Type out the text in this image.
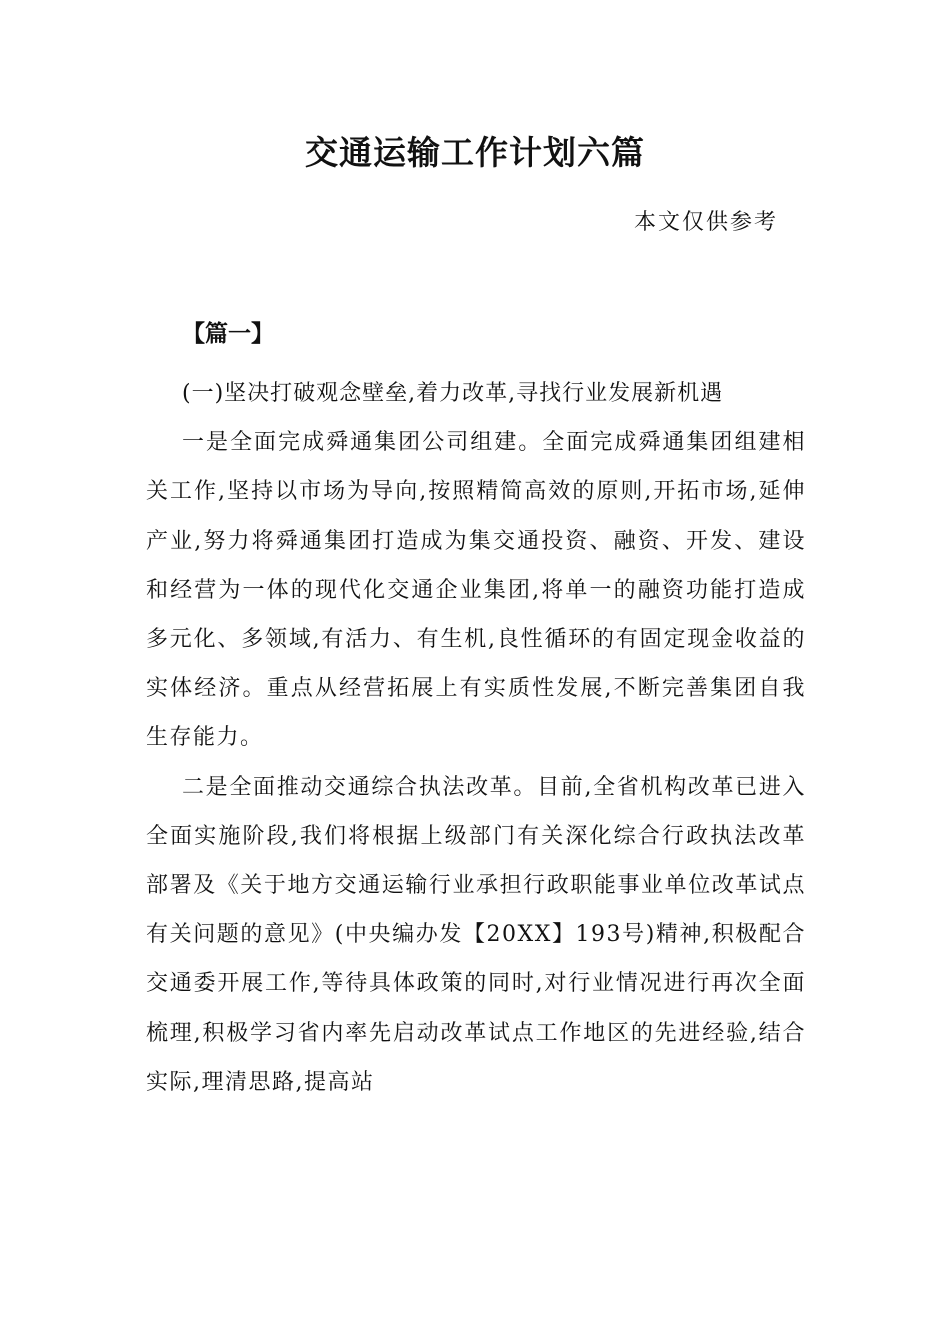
交通运输工作计划六篇
本文仅供参考
【篇一】

(一)坚决打破观念壁垒,着力改革,寻找行业发展新机遇

一是全面完成舜通集团公司组建。全面完成舜通集团组建相关工作,坚持以市场为导向,按照精简高效的原则,开拓市场,延伸产业,努力将舜通集团打造成为集交通投资、融资、开发、建设和经营为一体的现代化交通企业集团,将单一的融资功能打造成多元化、多领域,有活力、有生机,良性循环的有固定现金收益的实体经济。重点从经营拓展上有实质性发展,不断完善集团自我生存能力。

二是全面推动交通综合执法改革。目前,全省机构改革已进入全面实施阶段,我们将根据上级部门有关深化综合行政执法改革部署及《关于地方交通运输行业承担行政职能事业单位改革试点有关问题的意见》(中央编办发【20XX】193号)精神,积极配合交通委开展工作,等待具体政策的同时,对行业情况进行再次全面梳理,积极学习省内率先启动改革试点工作地区的先进经验,结合实际,理清思路,提高站
